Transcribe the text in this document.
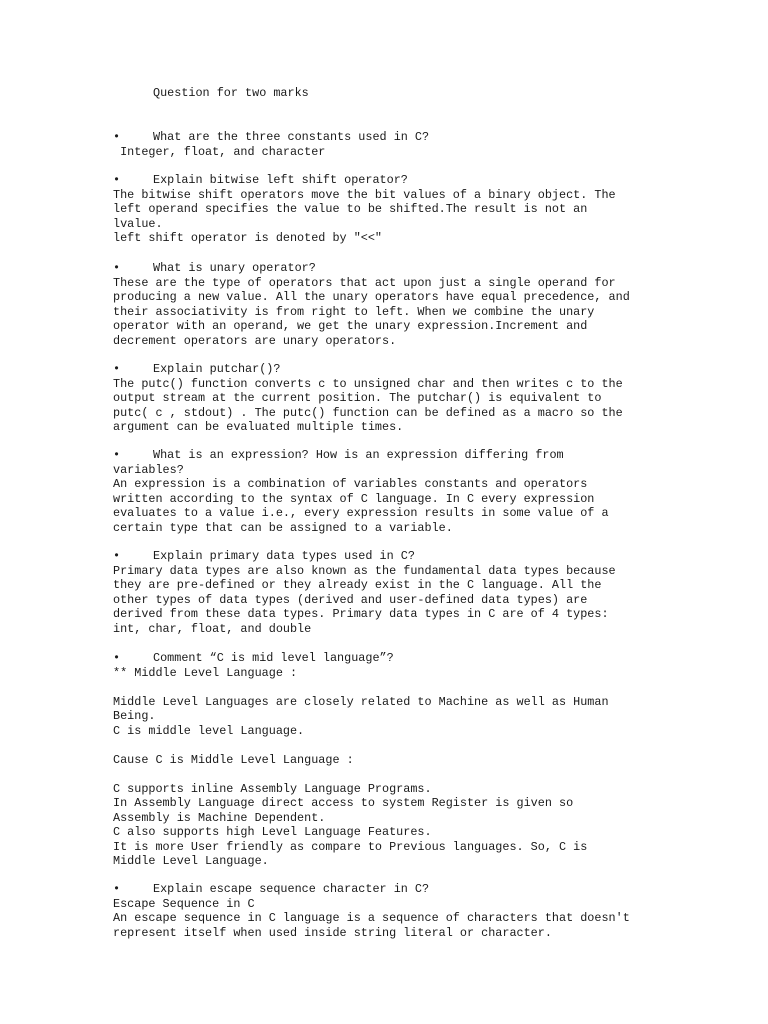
Question for two marks
•	What are the three constants used in C?
Integer, float, and character
•	Explain bitwise left shift operator?
The bitwise shift operators move the bit values of a binary object. The
left operand specifies the value to be shifted.The result is not an
lvalue.
left shift operator is denoted by "<<"
•	What is unary operator?
These are the type of operators that act upon just a single operand for
producing a new value. All the unary operators have equal precedence, and
their associativity is from right to left. When we combine the unary
operator with an operand, we get the unary expression.Increment and
decrement operators are unary operators.
•	Explain putchar()?
The putc() function converts c to unsigned char and then writes c to the
output stream at the current position. The putchar() is equivalent to
putc( c , stdout) . The putc() function can be defined as a macro so the
argument can be evaluated multiple times.
•	What is an expression? How is an expression differing from
variables?
An expression is a combination of variables constants and operators
written according to the syntax of C language. In C every expression
evaluates to a value i.e., every expression results in some value of a
certain type that can be assigned to a variable.
•	Explain primary data types used in C?
Primary data types are also known as the fundamental data types because
they are pre-defined or they already exist in the C language. All the
other types of data types (derived and user-defined data types) are
derived from these data types. Primary data types in C are of 4 types:
int, char, float, and double
•	Comment “C is mid level language”?
** Middle Level Language :
Middle Level Languages are closely related to Machine as well as Human
Being.
C is middle level Language.
Cause C is Middle Level Language :
C supports inline Assembly Language Programs.
In Assembly Language direct access to system Register is given so
Assembly is Machine Dependent.
C also supports high Level Language Features.
It is more User friendly as compare to Previous languages. So, C is
Middle Level Language.
•	Explain escape sequence character in C?
Escape Sequence in C
An escape sequence in C language is a sequence of characters that doesn't
represent itself when used inside string literal or character.
